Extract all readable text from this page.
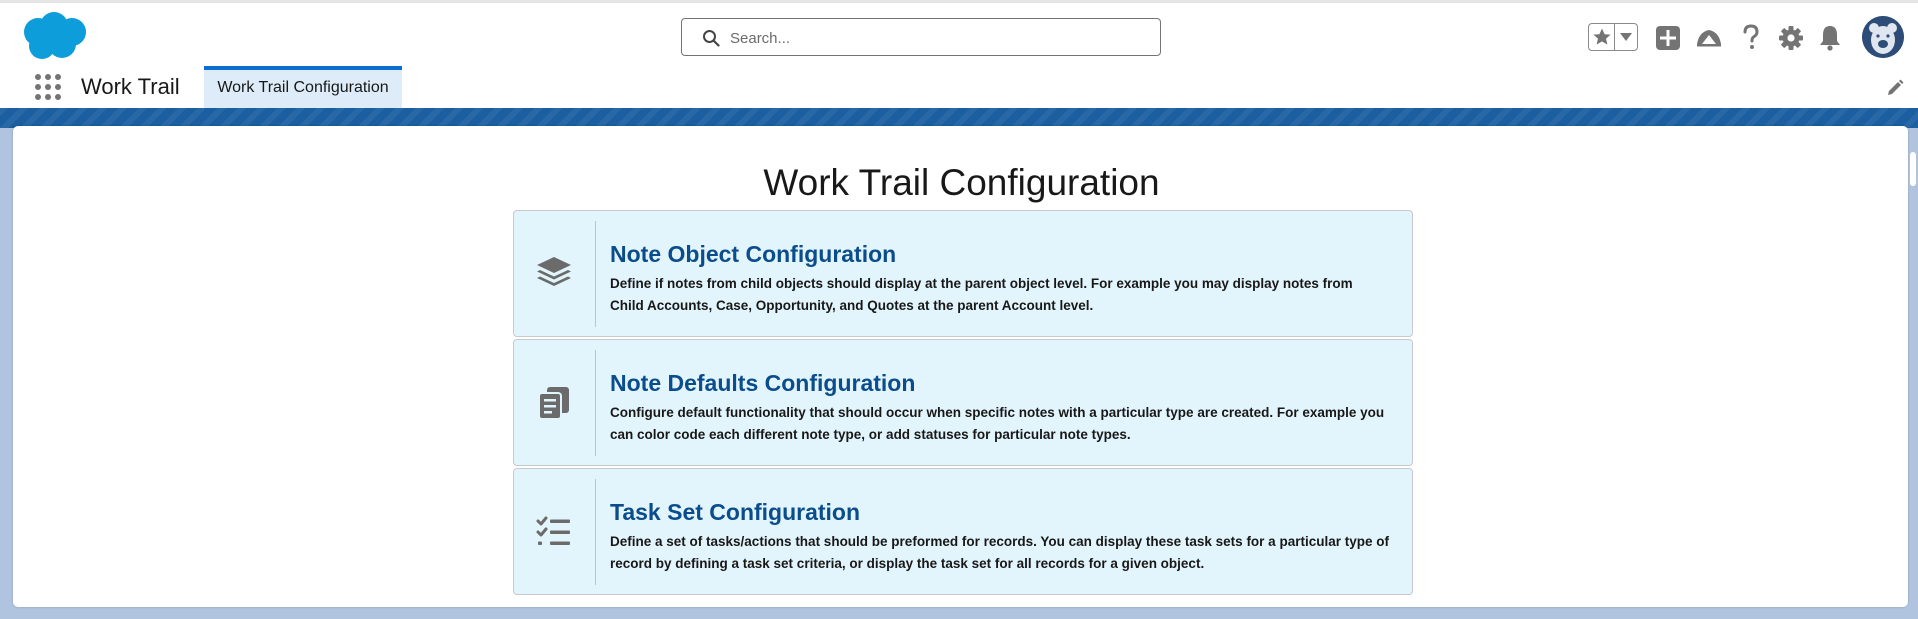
Search...
Work Trail	Work Trail Configuration
Work Trail Configuration
Note Object Configuration
Define if notes from child objects should display at the parent object level. For example you may display notes from Child Accounts, Case, Opportunity, and Quotes at the parent Account level.
Note Defaults Configuration
Configure default functionality that should occur when specific notes with a particular type are created. For example you can color code each different note type, or add statuses for particular note types.
Task Set Configuration
Define a set of tasks/actions that should be preformed for records. You can display these task sets for a particular type of record by defining a task set criteria, or display the task set for all records for a given object.
